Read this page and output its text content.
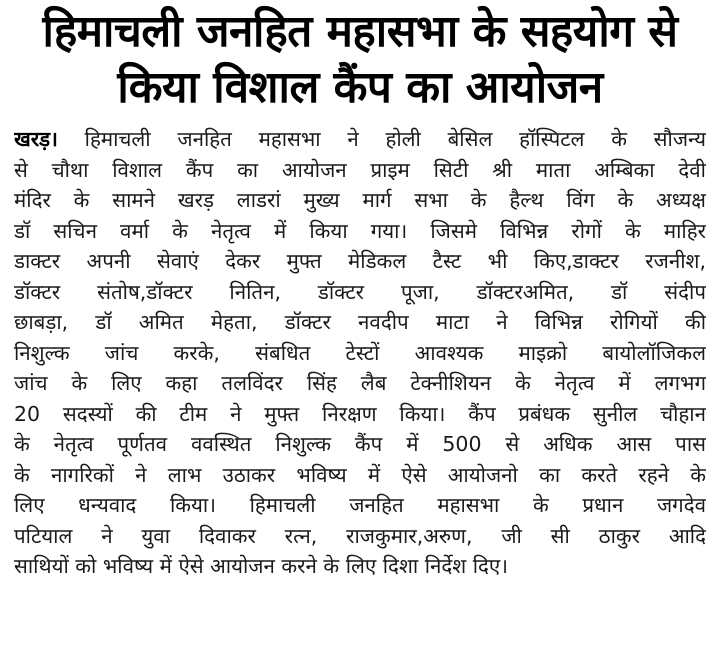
हिमाचली जनहित महासभा के सहयोग से
किया विशाल कैंप का आयोजन
खरड़। हिमाचली जनहित महासभा ने होली बेसिल हॉस्पिटल के सौजन्य
से चौथा विशाल कैंप का आयोजन प्राइम सिटी श्री माता अम्बिका देवी
मंदिर के सामने खरड़ लाडरां मुख्य मार्ग सभा के हैल्थ विंग के अध्यक्ष
डॉ सचिन वर्मा के नेतृत्व में किया गया। जिसमे विभिन्न रोगों के माहिर
डाक्टर अपनी सेवाएं देकर मुफ्त मेडिकल टैस्ट भी किए,डाक्टर रजनीश,
डॉक्टर संतोष,डॉक्टर नितिन, डॉक्टर पूजा, डॉक्टरअमित, डॉ संदीप
छाबड़ा, डॉ अमित मेहता, डॉक्टर नवदीप माटा ने विभिन्न रोगियों की
निशुल्क जांच करके, संबधित टेस्टों आवश्यक माइक्रो बायोलॉजिकल
जांच के लिए कहा तलविंदर सिंह लैब टेक्नीशियन के नेतृत्व में लगभग
20 सदस्यों की टीम ने मुफ्त निरक्षण किया। कैंप प्रबंधक सुनील चौहान
के नेतृत्व पूर्णतव ववस्थित निशुल्क कैंप में 500 से अधिक आस पास
के नागरिकों ने लाभ उठाकर भविष्य में ऐसे आयोजनो का करते रहने के
लिए धन्यवाद किया। हिमाचली जनहित महासभा के प्रधान जगदेव
पटियाल ने युवा दिवाकर रत्न, राजकुमार,अरुण, जी सी ठाकुर आदि
साथियों को भविष्य में ऐसे आयोजन करने के लिए दिशा निर्देश दिए।
